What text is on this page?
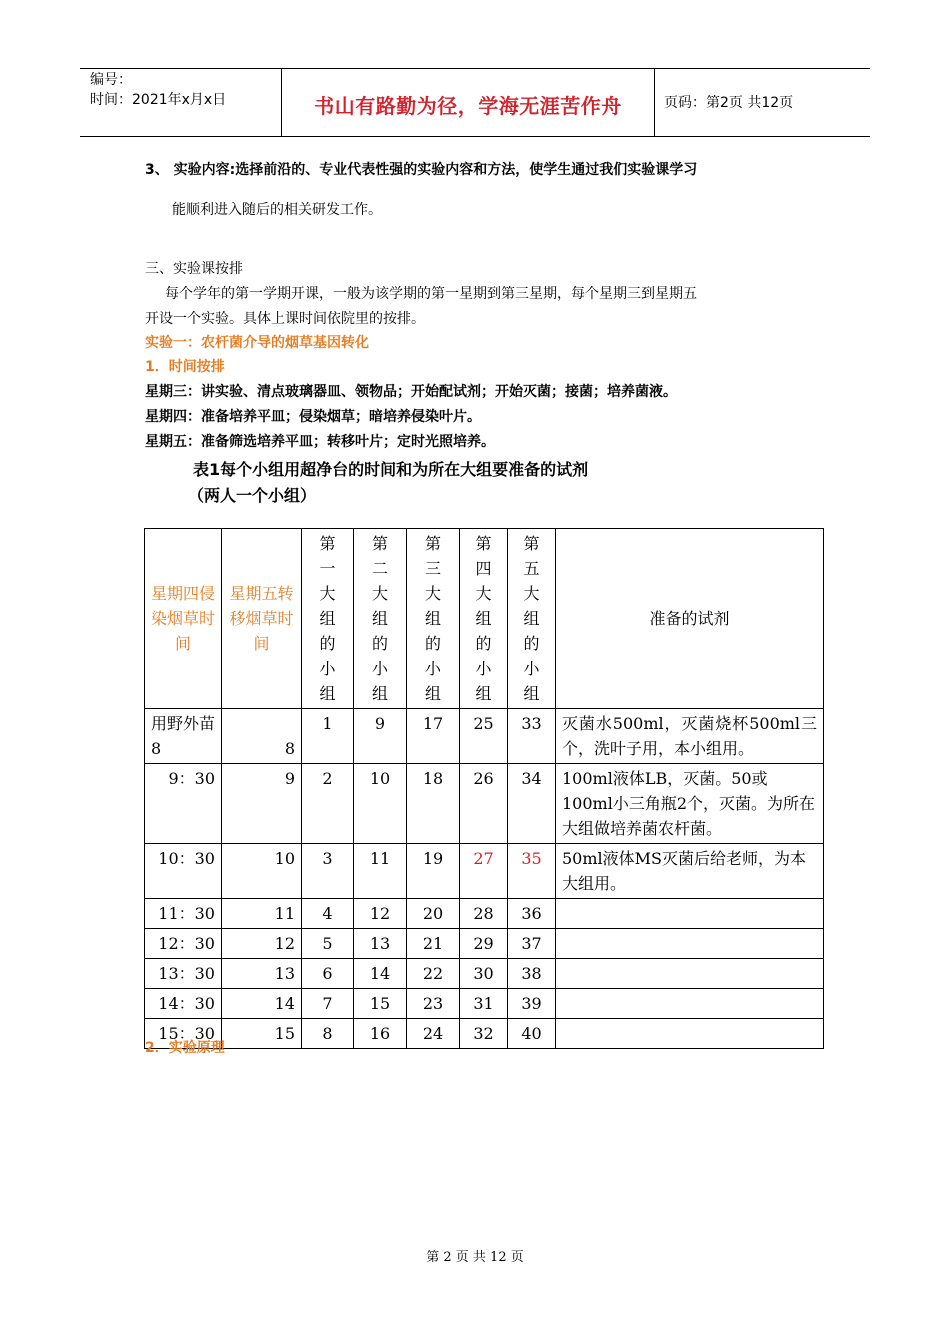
编号：
时间：2021年x月x日	书山有路勤为径，学海无涯苦作舟	页码：第2页 共12页
3、 实验内容:选择前沿的、专业代表性强的实验内容和方法，使学生通过我们实验课学习
能顺利进入随后的相关研发工作。
三、实验课按排
每个学年的第一学期开课，一般为该学期的第一星期到第三星期，每个星期三到星期五
开设一个实验。具体上课时间依院里的按排。
实验一：农杆菌介导的烟草基因转化
1．时间按排
星期三：讲实验、清点玻璃器皿、领物品；开始配试剂；开始灭菌；接菌；培养菌液。
星期四：准备培养平皿；侵染烟草；暗培养侵染叶片。
星期五：准备筛选培养平皿；转移叶片；定时光照培养。
表1每个小组用超净台的时间和为所在大组要准备的试剂
（两人一个小组）
星期四侵染烟草时间	星期五转移烟草时间	第一大组的小组	第二大组的小组	第三大组的小组	第四大组的小组	第五大组的小组	准备的试剂
用野外苗8	8	1	9	17	25	33	灭菌水500ml，灭菌烧杯500ml三个，洗叶子用，本小组用。
9：30	9	2	10	18	26	34	100ml液体LB，灭菌。50或100ml小三角瓶2个，灭菌。为所在大组做培养菌农杆菌。
10：30	10	3	11	19	27	35	50ml液体MS灭菌后给老师，为本大组用。
11：30	11	4	12	20	28	36	
12：30	12	5	13	21	29	37	
13：30	13	6	14	22	30	38	
14：30	14	7	15	23	31	39	
15：30	15	8	16	24	32	40	
2．实验原理
第 2 页 共 12 页
